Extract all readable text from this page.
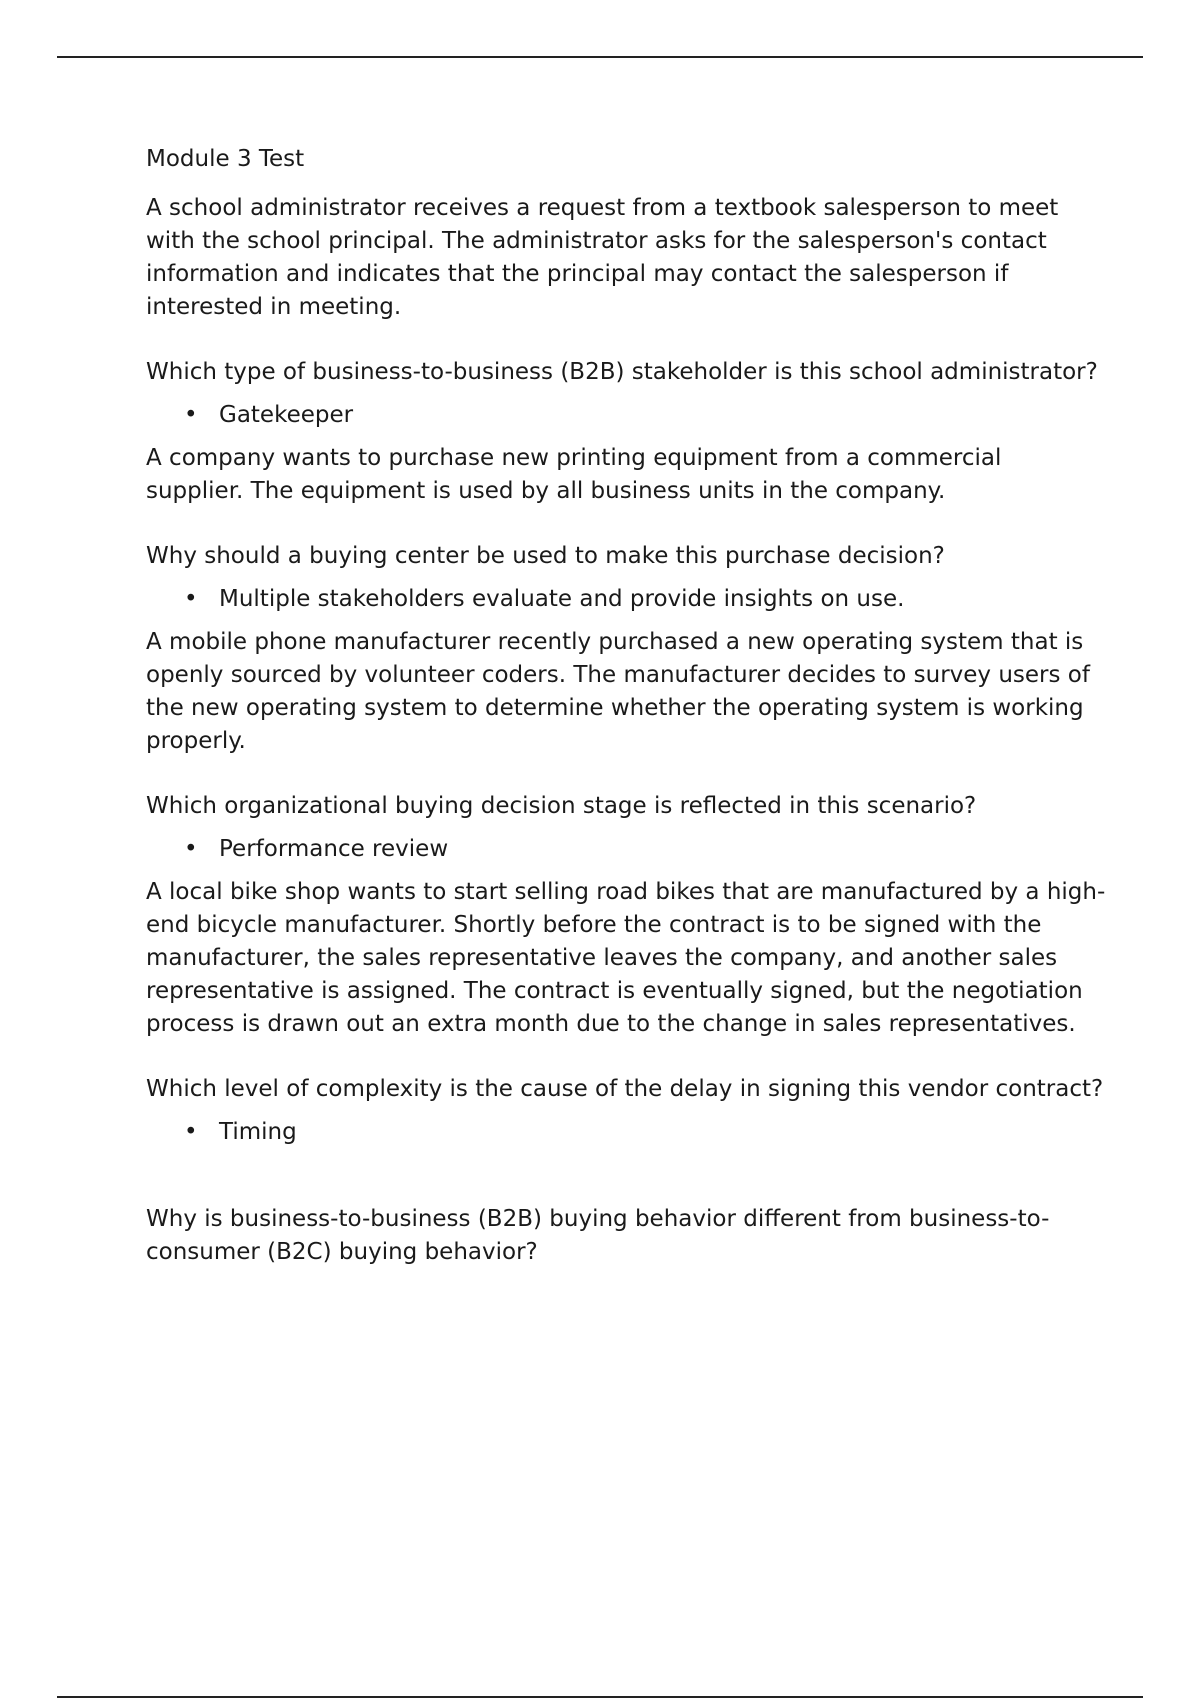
Module 3 Test

A school administrator receives a request from a textbook salesperson to meet with the school principal. The administrator asks for the salesperson's contact information and indicates that the principal may contact the salesperson if interested in meeting.

Which type of business-to-business (B2B) stakeholder is this school administrator?

• Gatekeeper

A company wants to purchase new printing equipment from a commercial supplier. The equipment is used by all business units in the company.

Why should a buying center be used to make this purchase decision?

• Multiple stakeholders evaluate and provide insights on use.

A mobile phone manufacturer recently purchased a new operating system that is openly sourced by volunteer coders. The manufacturer decides to survey users of the new operating system to determine whether the operating system is working properly.

Which organizational buying decision stage is reflected in this scenario?

• Performance review

A local bike shop wants to start selling road bikes that are manufactured by a high-end bicycle manufacturer. Shortly before the contract is to be signed with the manufacturer, the sales representative leaves the company, and another sales representative is assigned. The contract is eventually signed, but the negotiation process is drawn out an extra month due to the change in sales representatives.

Which level of complexity is the cause of the delay in signing this vendor contract?

• Timing

Why is business-to-business (B2B) buying behavior different from business-to-consumer (B2C) buying behavior?
